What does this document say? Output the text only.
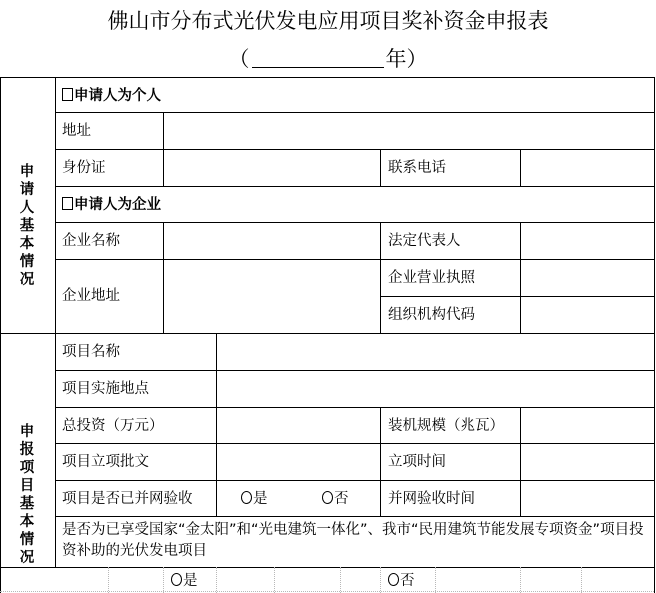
佛山市分布式光伏发电应用项目奖补资金申报表
（	年）
申请人基本情况
申请人为个人
地址
身份证	联系电话
申请人为企业
企业名称	法定代表人
企业地址
企业营业执照
组织机构代码
申报项目基本情况
项目名称
项目实施地点
总投资（万元）	装机规模（兆瓦）
项目立项批文	立项时间
项目是否已并网验收	是	否	并网验收时间
是否为已享受国家“金太阳”和“光电建筑一体化”、我市“民用建筑节能发展专项资金”项目投资补助的光伏发电项目
是	否
